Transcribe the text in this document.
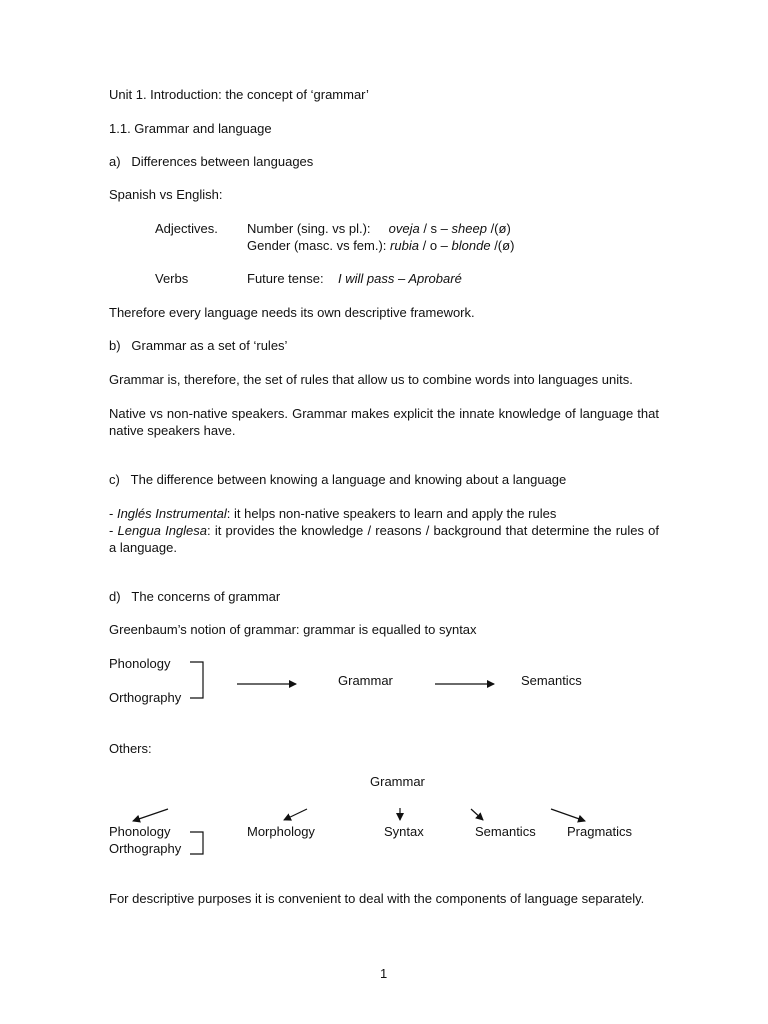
Unit 1. Introduction: the concept of ‘grammar’
1.1. Grammar and language
a)   Differences between languages
Spanish vs English:
Adjectives. Number (sing. vs pl.): oveja / s – sheep /(ø)
Gender (masc. vs fem.): rubia / o – blonde /(ø)
Verbs	Future tense: I will pass – Aprobaré
Therefore every language needs its own descriptive framework.
b)   Grammar as a set of ‘rules’
Grammar is, therefore, the set of rules that allow us to combine words into languages units.
Native vs non-native speakers. Grammar makes explicit the innate knowledge of language that native speakers have.
c)   The difference between knowing a language and knowing about a language
- Inglés Instrumental: it helps non-native speakers to learn and apply the rules
- Lengua Inglesa: it provides the knowledge / reasons / background that determine the rules of a language.
d)   The concerns of grammar
Greenbaum’s notion of grammar: grammar is equalled to syntax
Phonology
Orthography
Grammar	Semantics
Others:
Grammar
Phonology
Orthography
Morphology	Syntax	Semantics Pragmatics
For descriptive purposes it is convenient to deal with the components of language separately.
1
